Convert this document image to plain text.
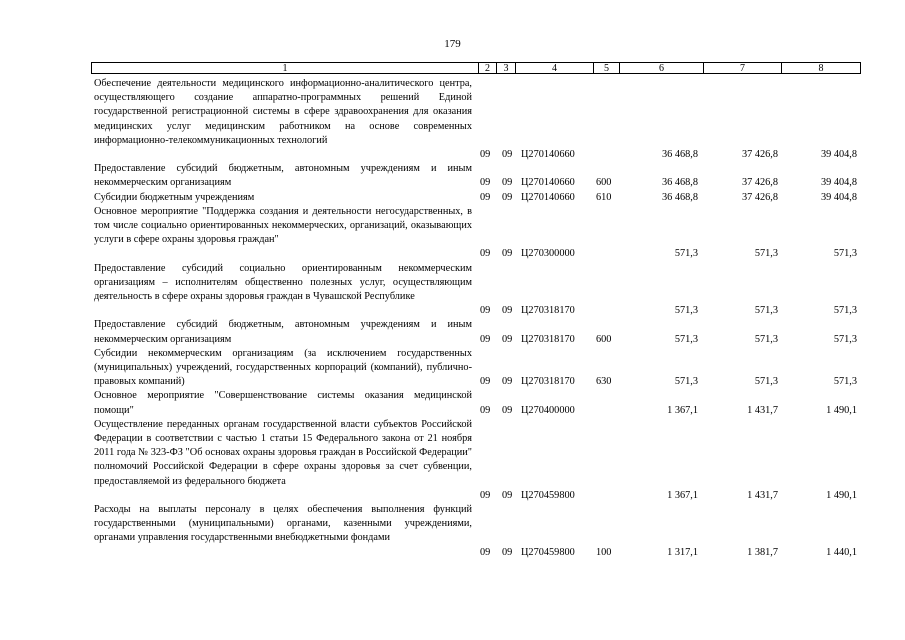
179
1	2	3	4	5	6	7	8
Обеспечение деятельности медицинского информационно-аналитического центра, осуществляющего создание аппаратно-программных решений Единой государственной регистрационной системы в сфере здравоохранения для оказания медицинских услуг медицинским работником на основе современных информационно-телекоммуникационных технологий
09 09 Ц270140660	36 468,8	37 426,8	39 404,8
Предоставление субсидий бюджетным, автономным учреждениям и иным некоммерческим организациям	09 09 Ц270140660 600	36 468,8	37 426,8	39 404,8
Субсидии бюджетным учреждениям	09 09 Ц270140660 610	36 468,8	37 426,8	39 404,8
Основное мероприятие "Поддержка создания и деятельности негосударственных, в том числе социально ориентированных некоммерческих, организаций, оказывающих услуги в сфере охраны здоровья граждан"
09 09 Ц270300000	571,3	571,3	571,3
Предоставление субсидий социально ориентированным некоммерческим организациям – исполнителям общественно полезных услуг, осуществляющим деятельность в сфере охраны здоровья граждан в Чувашской Республике
09 09 Ц270318170	571,3	571,3	571,3
Предоставление субсидий бюджетным, автономным учреждениям и иным некоммерческим организациям	09 09 Ц270318170 600	571,3	571,3	571,3
Субсидии некоммерческим организациям (за исключением государственных (муниципальных) учреждений, государственных корпораций (компаний), публично-правовых компаний)	09 09 Ц270318170 630	571,3	571,3	571,3
Основное мероприятие "Совершенствование системы оказания медицинской помощи"	09 09 Ц270400000	1 367,1	1 431,7	1 490,1
Осуществление переданных органам государственной власти субъектов Российской Федерации в соответствии с частью 1 статьи 15 Федерального закона от 21 ноября 2011 года № 323-ФЗ "Об основах охраны здоровья граждан в Российской Федерации" полномочий Российской Федерации в сфере охраны здоровья за счет субвенции, предоставляемой из федерального бюджета
09 09 Ц270459800	1 367,1	1 431,7	1 490,1
Расходы на выплаты персоналу в целях обеспечения выполнения функций государственными (муниципальными) органами, казенными учреждениями, органами управления государственными внебюджетными фондами
09 09 Ц270459800 100	1 317,1	1 381,7	1 440,1
